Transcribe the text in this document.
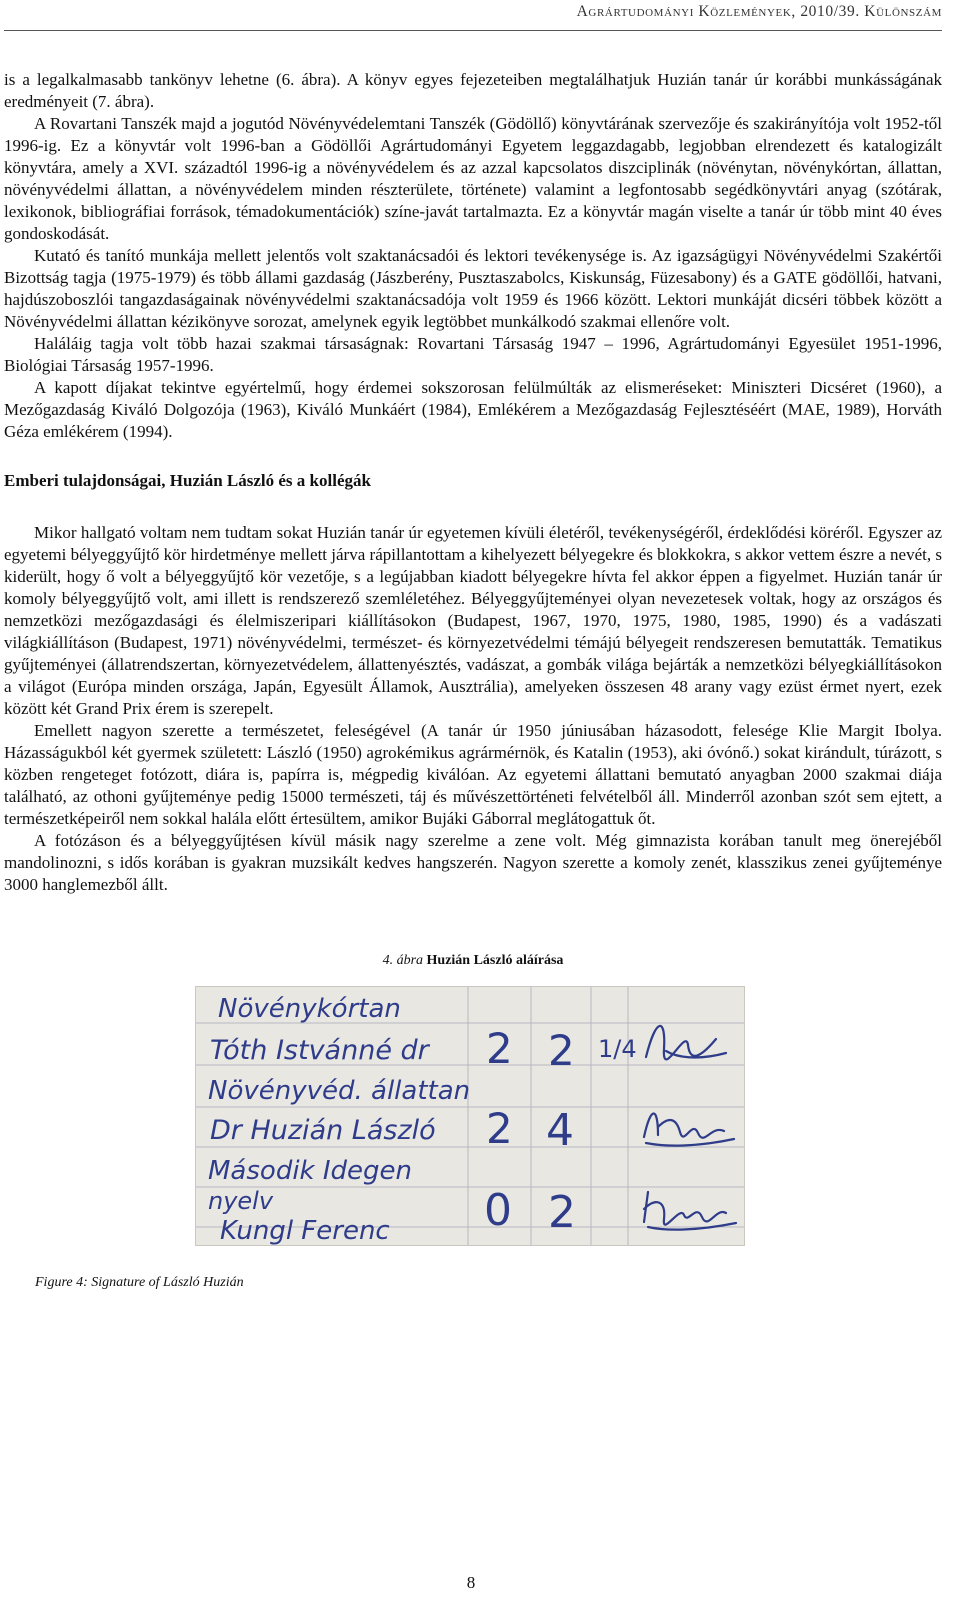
Agrártudományi Közlemények, 2010/39. Különszám

is a legalkalmasabb tankönyv lehetne (6. ábra). A könyv egyes fejezeteiben megtalálhatjuk Huzián tanár úr korábbi munkásságának eredményeit (7. ábra).

A Rovartani Tanszék majd a jogutód Növényvédelemtani Tanszék (Gödöllő) könyvtárának szervezője és szakirányítója volt 1952-től 1996-ig. Ez a könyvtár volt 1996-ban a Gödöllői Agrártudományi Egyetem leggazdagabb, legjobban elrendezett és katalogizált könyvtára, amely a XVI. századtól 1996-ig a növényvédelem és az azzal kapcsolatos diszciplinák (növénytan, növénykórtan, állattan, növényvédelmi állattan, a növényvédelem minden részterülete, története) valamint a legfontosabb segédkönyvtári anyag (szótárak, lexikonok, bibliográfiai források, témadokumentációk) színe-javát tartalmazta. Ez a könyvtár magán viselte a tanár úr több mint 40 éves gondoskodását.

Kutató és tanító munkája mellett jelentős volt szaktanácsadói és lektori tevékenysége is. Az igazságügyi Növényvédelmi Szakértői Bizottság tagja (1975-1979) és több állami gazdaság (Jászberény, Pusztaszabolcs, Kiskunság, Füzesabony) és a GATE gödöllői, hatvani, hajdúszoboszlói tangazdaságainak növényvédelmi szaktanácsadója volt 1959 és 1966 között. Lektori munkáját dicséri többek között a Növényvédelmi állattan kézikönyve sorozat, amelynek egyik legtöbbet munkálkodó szakmai ellenőre volt.

Haláláig tagja volt több hazai szakmai társaságnak: Rovartani Társaság 1947 – 1996, Agrártudományi Egyesület 1951-1996, Biológiai Társaság 1957-1996.

A kapott díjakat tekintve egyértelmű, hogy érdemei sokszorosan felülmúlták az elismeréseket: Miniszteri Dicséret (1960), a Mezőgazdaság Kiváló Dolgozója (1963), Kiváló Munkáért (1984), Emlékérem a Mezőgazdaság Fejlesztéséért (MAE, 1989), Horváth Géza emlékérem (1994).

Emberi tulajdonságai, Huzián László és a kollégák

Mikor hallgató voltam nem tudtam sokat Huzián tanár úr egyetemen kívüli életéről, tevékenységéről, érdeklődési köréről. Egyszer az egyetemi bélyeggyűjtő kör hirdetménye mellett járva rápillantottam a kihelyezett bélyegekre és blokkokra, s akkor vettem észre a nevét, s kiderült, hogy ő volt a bélyeggyűjtő kör vezetője, s a legújabban kiadott bélyegekre hívta fel akkor éppen a figyelmet. Huzián tanár úr komoly bélyeggyűjtő volt, ami illett is rendszerező szemléletéhez. Bélyeggyűjteményei olyan nevezetesek voltak, hogy az országos és nemzetközi mezőgazdasági és élelmiszeripari kiállításokon (Budapest, 1967, 1970, 1975, 1980, 1985, 1990) és a vadászati világkiállításon (Budapest, 1971) növényvédelmi, természet- és környezetvédelmi témájú bélyegeit rendszeresen bemutatták. Tematikus gyűjteményei (állatrendszertan, környezetvédelem, állattenyésztés, vadászat, a gombák világa bejárták a nemzetközi bélyegkiállításokon a világot (Európa minden országa, Japán, Egyesült Államok, Ausztrália), amelyeken összesen 48 arany vagy ezüst érmet nyert, ezek között két Grand Prix érem is szerepelt.

Emellett nagyon szerette a természetet, feleségével (A tanár úr 1950 júniusában házasodott, felesége Klie Margit Ibolya. Házasságukból két gyermek született: László (1950) agrokémikus agrármérnök, és Katalin (1953), aki óvónő.) sokat kirándult, túrázott, s közben rengeteget fotózott, diára is, papírra is, mégpedig kiválóan. Az egyetemi állattani bemutató anyagban 2000 szakmai diája található, az othoni gyűjteménye pedig 15000 természeti, táj és művészettörténeti felvételből áll. Minderről azonban szót sem ejtett, a természetképeiről nem sokkal halála előtt értesültem, amikor Bujáki Gáborral meglátogattuk őt.

A fotózáson és a bélyeggyűjtésen kívül másik nagy szerelme a zene volt. Még gimnazista korában tanult meg önerejéből mandolinozni, s idős korában is gyakran muzsikált kedves hangszerén. Nagyon szerette a komoly zenét, klasszikus zenei gyűjteménye 3000 hanglemezből állt.

4. ábra Huzián László aláírása

Növénykórtan
Tóth Istvánné dr
Növényvéd. állattan
Dr Huzián László
Második Idegen
nyelv
Kungl Ferenc
2
2
0
2
4
2
1/4

Figure 4: Signature of László Huzián

8
